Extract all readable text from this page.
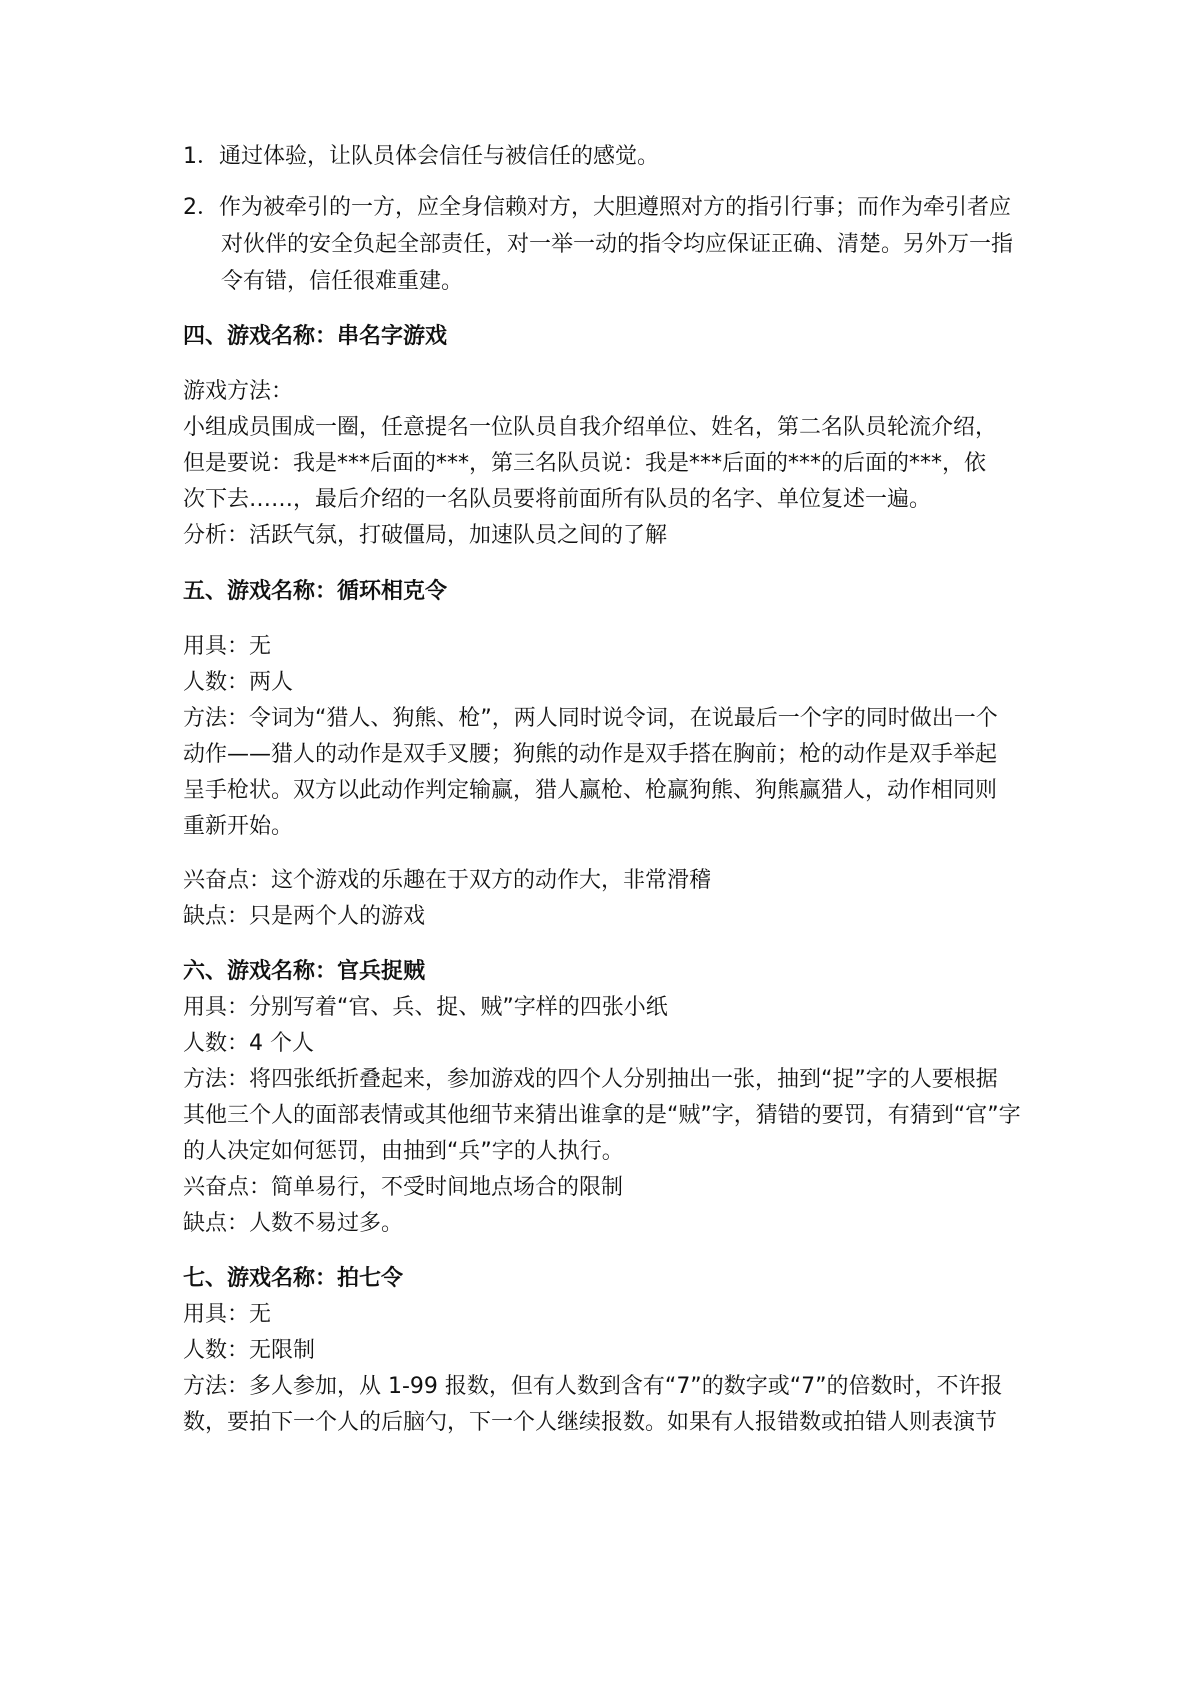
1．通过体验，让队员体会信任与被信任的感觉。
2．作为被牵引的一方，应全身信赖对方，大胆遵照对方的指引行事；而作为牵引者应
对伙伴的安全负起全部责任，对一举一动的指令均应保证正确、清楚。另外万一指
令有错，信任很难重建。
四、游戏名称：串名字游戏
游戏方法：
小组成员围成一圈，任意提名一位队员自我介绍单位、姓名，第二名队员轮流介绍，
但是要说：我是***后面的***，第三名队员说：我是***后面的***的后面的***，依
次下去……，最后介绍的一名队员要将前面所有队员的名字、单位复述一遍。
分析：活跃气氛，打破僵局，加速队员之间的了解
五、游戏名称：循环相克令
用具：无
人数：两人
方法：令词为“猎人、狗熊、枪”，两人同时说令词，在说最后一个字的同时做出一个
动作——猎人的动作是双手叉腰；狗熊的动作是双手搭在胸前；枪的动作是双手举起
呈手枪状。双方以此动作判定输赢，猎人赢枪、枪赢狗熊、狗熊赢猎人，动作相同则
重新开始。
兴奋点：这个游戏的乐趣在于双方的动作大，非常滑稽
缺点：只是两个人的游戏
六、游戏名称：官兵捉贼
用具：分别写着“官、兵、捉、贼”字样的四张小纸
人数：4 个人
方法：将四张纸折叠起来，参加游戏的四个人分别抽出一张，抽到“捉”字的人要根据
其他三个人的面部表情或其他细节来猜出谁拿的是“贼”字，猜错的要罚，有猜到“官”字
的人决定如何惩罚，由抽到“兵”字的人执行。
兴奋点：简单易行，不受时间地点场合的限制
缺点：人数不易过多。
七、游戏名称：拍七令
用具：无
人数：无限制
方法：多人参加，从 1-99 报数，但有人数到含有“7”的数字或“7”的倍数时，不许报
数，要拍下一个人的后脑勺，下一个人继续报数。如果有人报错数或拍错人则表演节
